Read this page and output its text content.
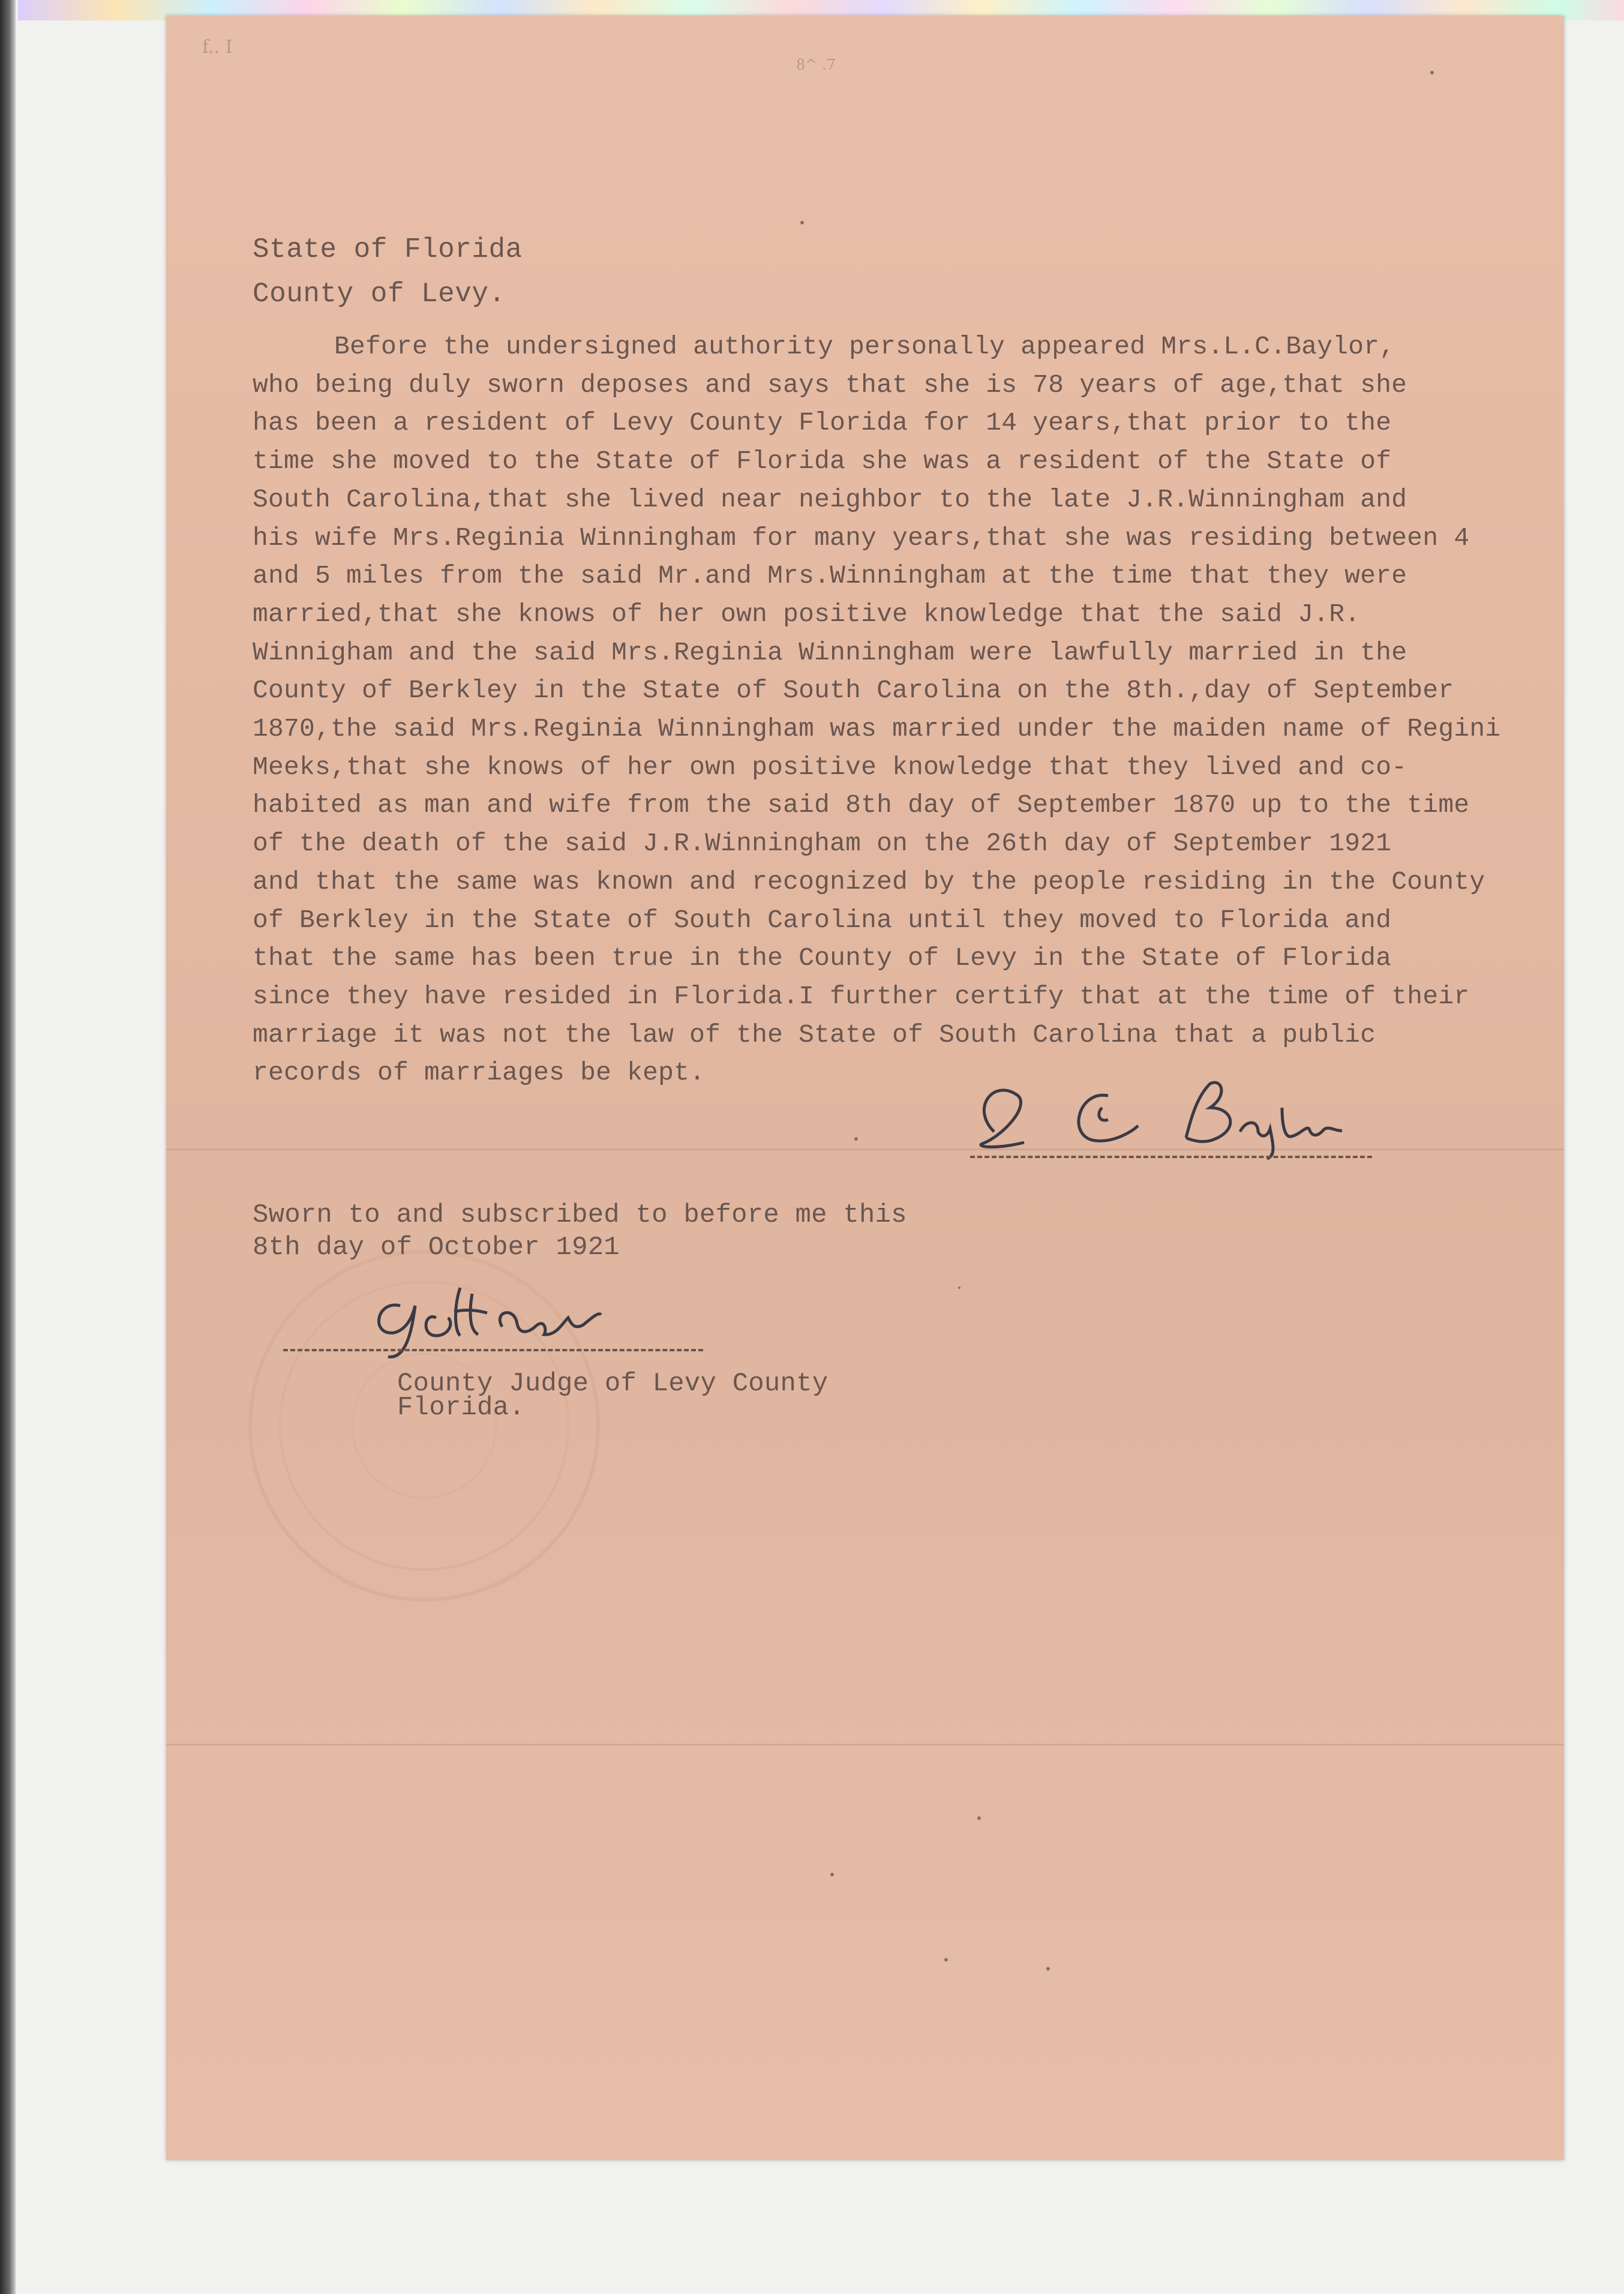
f.. I
8^ .7
State of Florida
County of Levy.
Before the undersigned authority personally appeared Mrs.L.C.Baylor,
who being duly sworn deposes and says that she is 78 years of age,that she
has been a resident of Levy County Florida for 14 years,that prior to the
time she moved to the State of Florida she was a resident of the State of
South Carolina,that she lived near neighbor to the late J.R.Winningham and
his wife Mrs.Reginia Winningham for many years,that she was residing between 4
and 5 miles from the said Mr.and Mrs.Winningham at the time that they were
married,that she knows of her own positive knowledge that the said J.R.
Winnigham and the said Mrs.Reginia Winningham were lawfully married in the
County of Berkley in the State of South Carolina on the 8th.,day of September
1870,the said Mrs.Reginia Winningham was married under the maiden name of Regini
Meeks,that she knows of her own positive knowledge that they lived and co-
habited as man and wife from the said 8th day of September 1870 up to the time
of the death of the said J.R.Winningham on the 26th day of September 1921
and that the same was known and recognized by the people residing in the County
of Berkley in the State of South Carolina until they moved to Florida and
that the same has been true in the County of Levy in the State of Florida
since they have resided in Florida.I further certify that at the time of their
marriage it was not the law of the State of South Carolina that a public
records of marriages be kept.
Sworn to and subscribed to before me this
8th day of October 1921
County Judge of Levy County
Florida.
